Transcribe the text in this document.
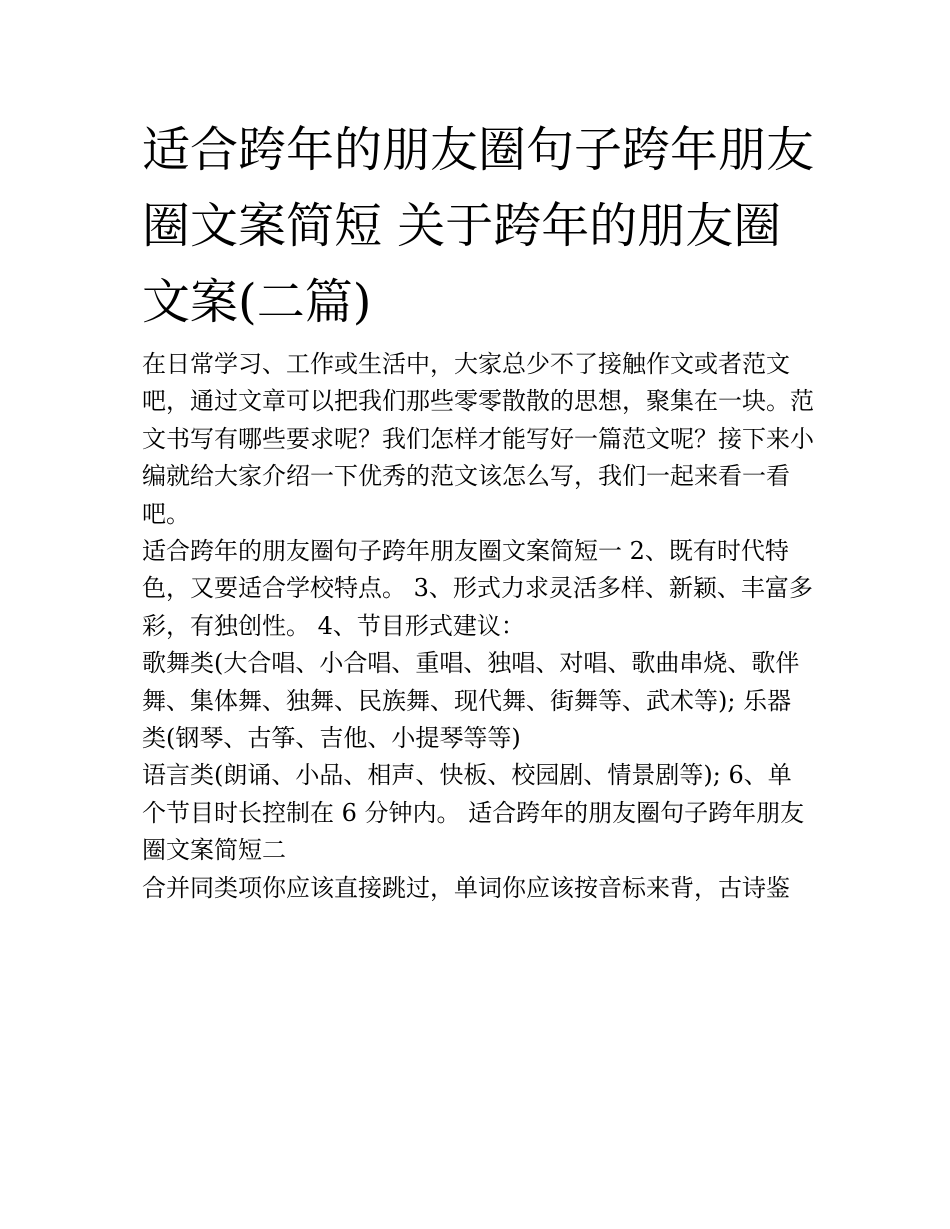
适合跨年的朋友圈句子跨年朋友圈文案简短 关于跨年的朋友圈文案(二篇)

在日常学习、工作或生活中，大家总少不了接触作文或者范文吧，通过文章可以把我们那些零零散散的思想，聚集在一块。范文书写有哪些要求呢？我们怎样才能写好一篇范文呢？接下来小编就给大家介绍一下优秀的范文该怎么写，我们一起来看一看吧。

适合跨年的朋友圈句子跨年朋友圈文案简短一 2、既有时代特色，又要适合学校特点。 3、形式力求灵活多样、新颖、丰富多彩，有独创性。 4、节目形式建议：

歌舞类(大合唱、小合唱、重唱、独唱、对唱、歌曲串烧、歌伴舞、集体舞、独舞、民族舞、现代舞、街舞等、武术等); 乐器类(钢琴、古筝、吉他、小提琴等等)

语言类(朗诵、小品、相声、快板、校园剧、情景剧等); 6、单个节目时长控制在 6 分钟内。 适合跨年的朋友圈句子跨年朋友圈文案简短二

合并同类项你应该直接跳过，单词你应该按音标来背，古诗鉴
